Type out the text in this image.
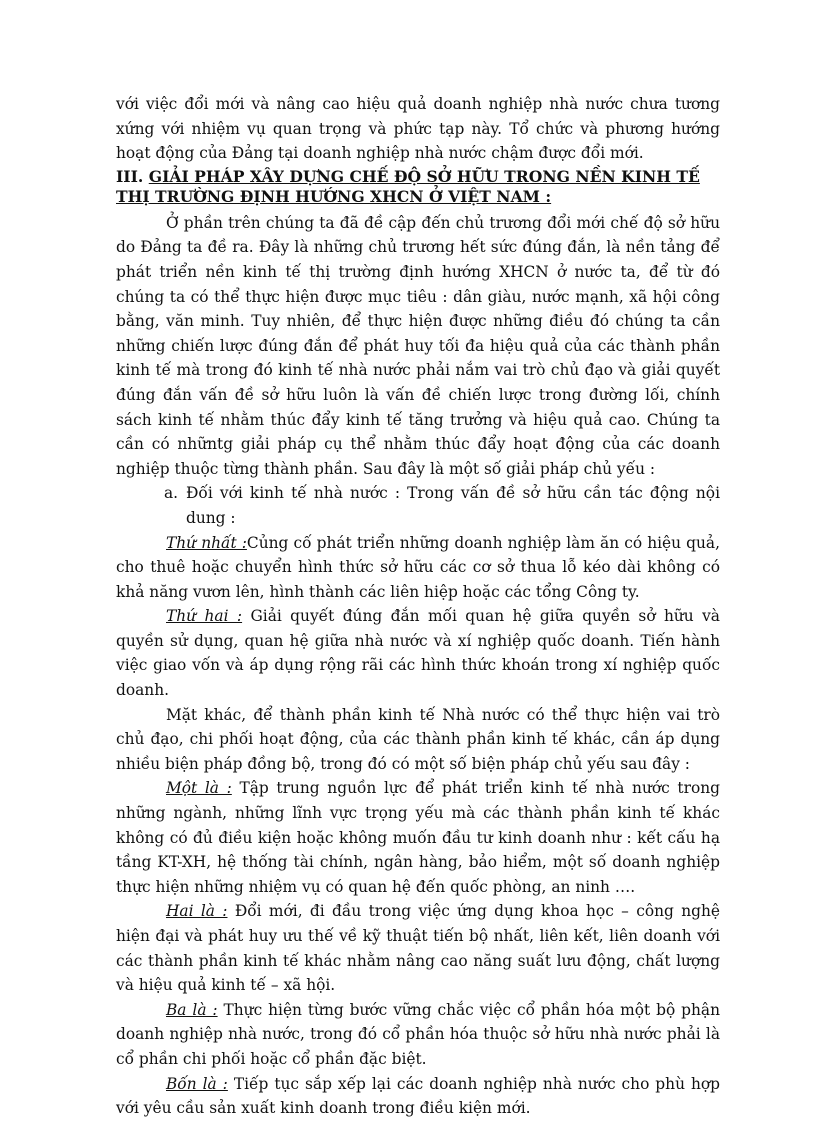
với việc đổi mới và nâng cao hiệu quả doanh nghiệp nhà nước chưa tương xứng với nhiệm vụ quan trọng và phức tạp này. Tổ chức và phương hướng hoạt động của Đảng tại doanh nghiệp nhà nước chậm được đổi mới.

III. GIẢI PHÁP XÂY DỰNG CHẾ ĐỘ SỞ HỮU TRONG NỀN KINH TẾ THỊ TRƯỜNG ĐỊNH HƯỚNG XHCN Ở VIỆT NAM :

Ở phần trên chúng ta đã đề cập đến chủ trương đổi mới chế độ sở hữu do Đảng ta đề ra. Đây là những chủ trương hết sức đúng đắn, là nền tảng để phát triển nền kinh tế thị trường định hướng XHCN ở nước ta, để từ đó chúng ta có thể thực hiện được mục tiêu : dân giàu, nước mạnh, xã hội công bằng, văn minh. Tuy nhiên, để thực hiện được những điều đó chúng ta cần những chiến lược đúng đắn để phát huy tối đa hiệu quả của các thành phần kinh tế mà trong đó kinh tế nhà nước phải nắm vai trò chủ đạo và giải quyết đúng đắn vấn đề sở hữu luôn là vấn đề chiến lược trong đường lối, chính sách kinh tế nhằm thúc đẩy kinh tế tăng trưởng và hiệu quả cao. Chúng ta cần có nhữntg giải pháp cụ thể nhằm thúc đẩy hoạt động của các doanh nghiệp thuộc từng thành phần. Sau đây là một số giải pháp chủ yếu :

a. Đối với kinh tế nhà nước : Trong vấn đề sở hữu cần tác động nội dung :

Thứ nhất :Củng cố phát triển những doanh nghiệp làm ăn có hiệu quả, cho thuê hoặc chuyển hình thức sở hữu các cơ sở thua lỗ kéo dài không có khả năng vươn lên, hình thành các liên hiệp hoặc các tổng Công ty.

Thứ hai : Giải quyết đúng đắn mối quan hệ giữa quyền sở hữu và quyền sử dụng, quan hệ giữa nhà nước và xí nghiệp quốc doanh. Tiến hành việc giao vốn và áp dụng rộng rãi các hình thức khoán trong xí nghiệp quốc doanh.

Mặt khác, để thành phần kinh tế Nhà nước có thể thực hiện vai trò chủ đạo, chi phối hoạt động, của các thành phần kinh tế khác, cần áp dụng nhiều biện pháp đồng bộ, trong đó có một số biện pháp chủ yếu sau đây :

Một là : Tập trung nguồn lực để phát triển kinh tế nhà nước trong những ngành, những lĩnh vực trọng yếu mà các thành phần kinh tế khác không có đủ điều kiện hoặc không muốn đầu tư kinh doanh như : kết cấu hạ tầng KT-XH, hệ thống tài chính, ngân hàng, bảo hiểm, một số doanh nghiệp thực hiện những nhiệm vụ có quan hệ đến quốc phòng, an ninh ….

Hai là : Đổi mới, đi đầu trong việc ứng dụng khoa học – công nghệ hiện đại và phát huy ưu thế về kỹ thuật tiến bộ nhất, liên kết, liên doanh với các thành phần kinh tế khác nhằm nâng cao năng suất lưu động, chất lượng và hiệu quả kinh tế – xã hội.

Ba là : Thực hiện từng bước vững chắc việc cổ phần hóa một bộ phận doanh nghiệp nhà nước, trong đó cổ phần hóa thuộc sở hữu nhà nước phải là cổ phần chi phối hoặc cổ phần đặc biệt.

Bốn là : Tiếp tục sắp xếp lại các doanh nghiệp nhà nước cho phù hợp với yêu cầu sản xuất kinh doanh trong điều kiện mới.
